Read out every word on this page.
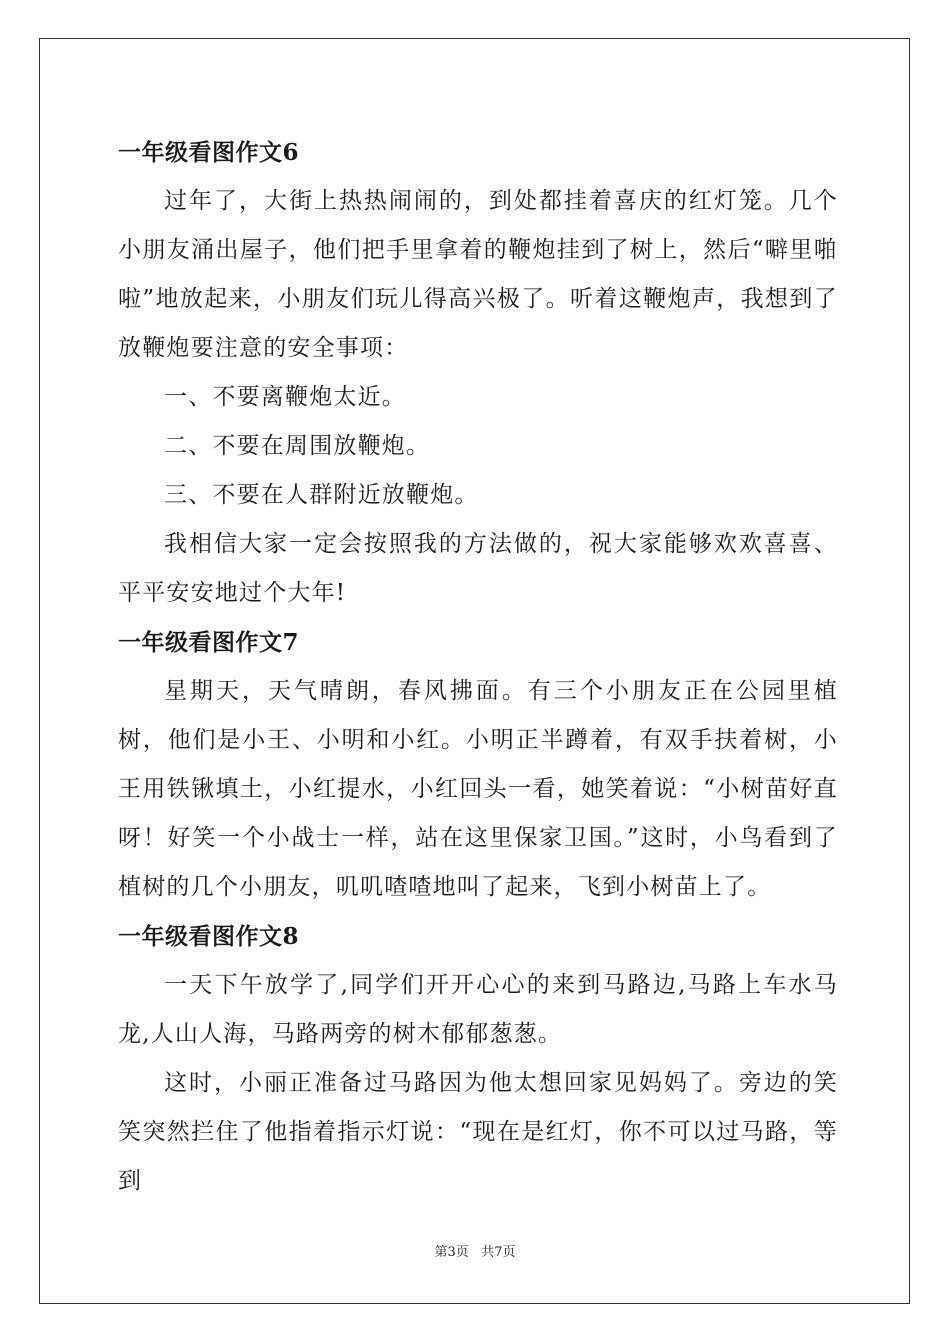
一年级看图作文6

过年了，大街上热热闹闹的，到处都挂着喜庆的红灯笼。几个小朋友涌出屋子，他们把手里拿着的鞭炮挂到了树上，然后“噼里啪啦”地放起来，小朋友们玩儿得高兴极了。听着这鞭炮声，我想到了放鞭炮要注意的安全事项：

一、不要离鞭炮太近。

二、不要在周围放鞭炮。

三、不要在人群附近放鞭炮。

我相信大家一定会按照我的方法做的，祝大家能够欢欢喜喜、平平安安地过个大年!

一年级看图作文7

星期天，天气晴朗，春风拂面。有三个小朋友正在公园里植树，他们是小王、小明和小红。小明正半蹲着，有双手扶着树，小王用铁锹填土，小红提水，小红回头一看，她笑着说：“小树苗好直呀！好笑一个小战士一样，站在这里保家卫国。”这时，小鸟看到了植树的几个小朋友，叽叽喳喳地叫了起来，飞到小树苗上了。

一年级看图作文8

一天下午放学了,同学们开开心心的来到马路边,马路上车水马龙,人山人海，马路两旁的树木郁郁葱葱。

这时，小丽正准备过马路因为他太想回家见妈妈了。旁边的笑笑突然拦住了他指着指示灯说：“现在是红灯，你不可以过马路，等到

第3页 共7页
